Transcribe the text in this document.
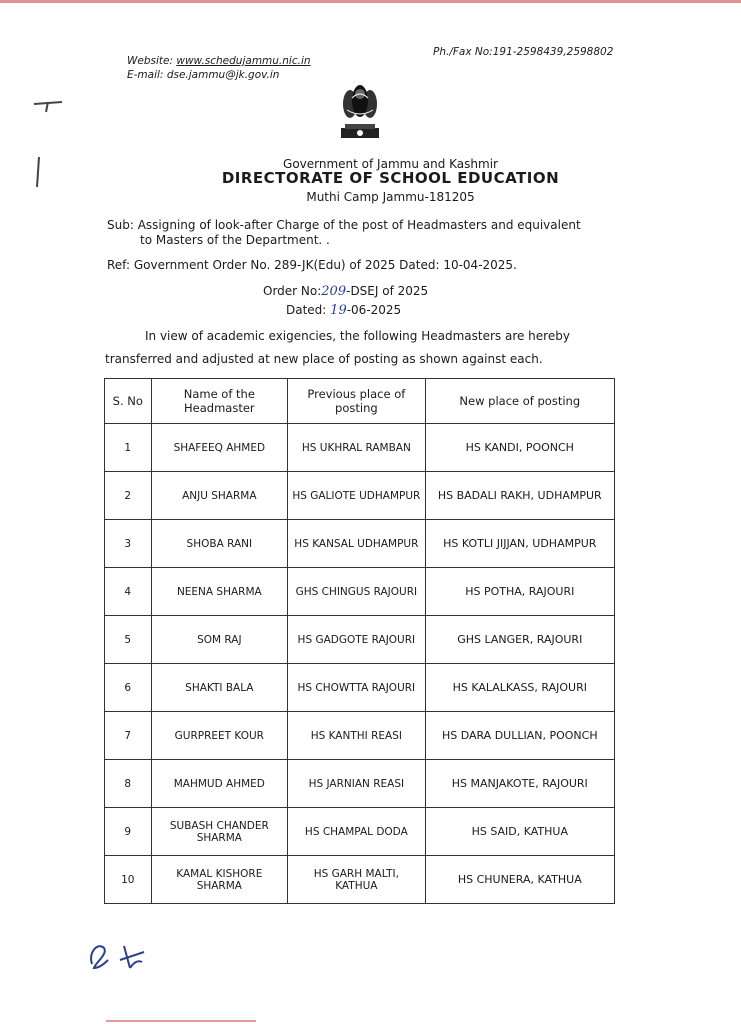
Website: www.schedujammu.nic.in
E-mail: dse.jammu@jk.gov.in
Ph./Fax No:191-2598439,2598802
Government of Jammu and Kashmir
DIRECTORATE OF SCHOOL EDUCATION
Muthi Camp Jammu-181205
Sub: Assigning of look-after Charge of the post of Headmasters and equivalent
to Masters of the Department. .
Ref: Government Order No. 289-JK(Edu) of 2025 Dated: 10-04-2025.
Order No:209-DSEJ of 2025
Dated: 19-06-2025
In view of academic exigencies, the following Headmasters are hereby transferred and adjusted at new place of posting as shown against each.
S. No	Name of the Headmaster	Previous place of posting	New place of posting
1	SHAFEEQ AHMED	HS UKHRAL RAMBAN	HS KANDI, POONCH
2	ANJU SHARMA	HS GALIOTE UDHAMPUR	HS BADALI RAKH, UDHAMPUR
3	SHOBA RANI	HS KANSAL UDHAMPUR	HS KOTLI JIJJAN, UDHAMPUR
4	NEENA SHARMA	GHS CHINGUS RAJOURI	HS POTHA, RAJOURI
5	SOM RAJ	HS GADGOTE RAJOURI	GHS LANGER, RAJOURI
6	SHAKTI BALA	HS CHOWTTA RAJOURI	HS KALALKASS, RAJOURI
7	GURPREET KOUR	HS KANTHI REASI	HS DARA DULLIAN, POONCH
8	MAHMUD AHMED	HS JARNIAN REASI	HS MANJAKOTE, RAJOURI
9	SUBASH CHANDER SHARMA	HS CHAMPAL DODA	HS SAID, KATHUA
10	KAMAL KISHORE SHARMA	HS GARH MALTI, KATHUA	HS CHUNERA, KATHUA
